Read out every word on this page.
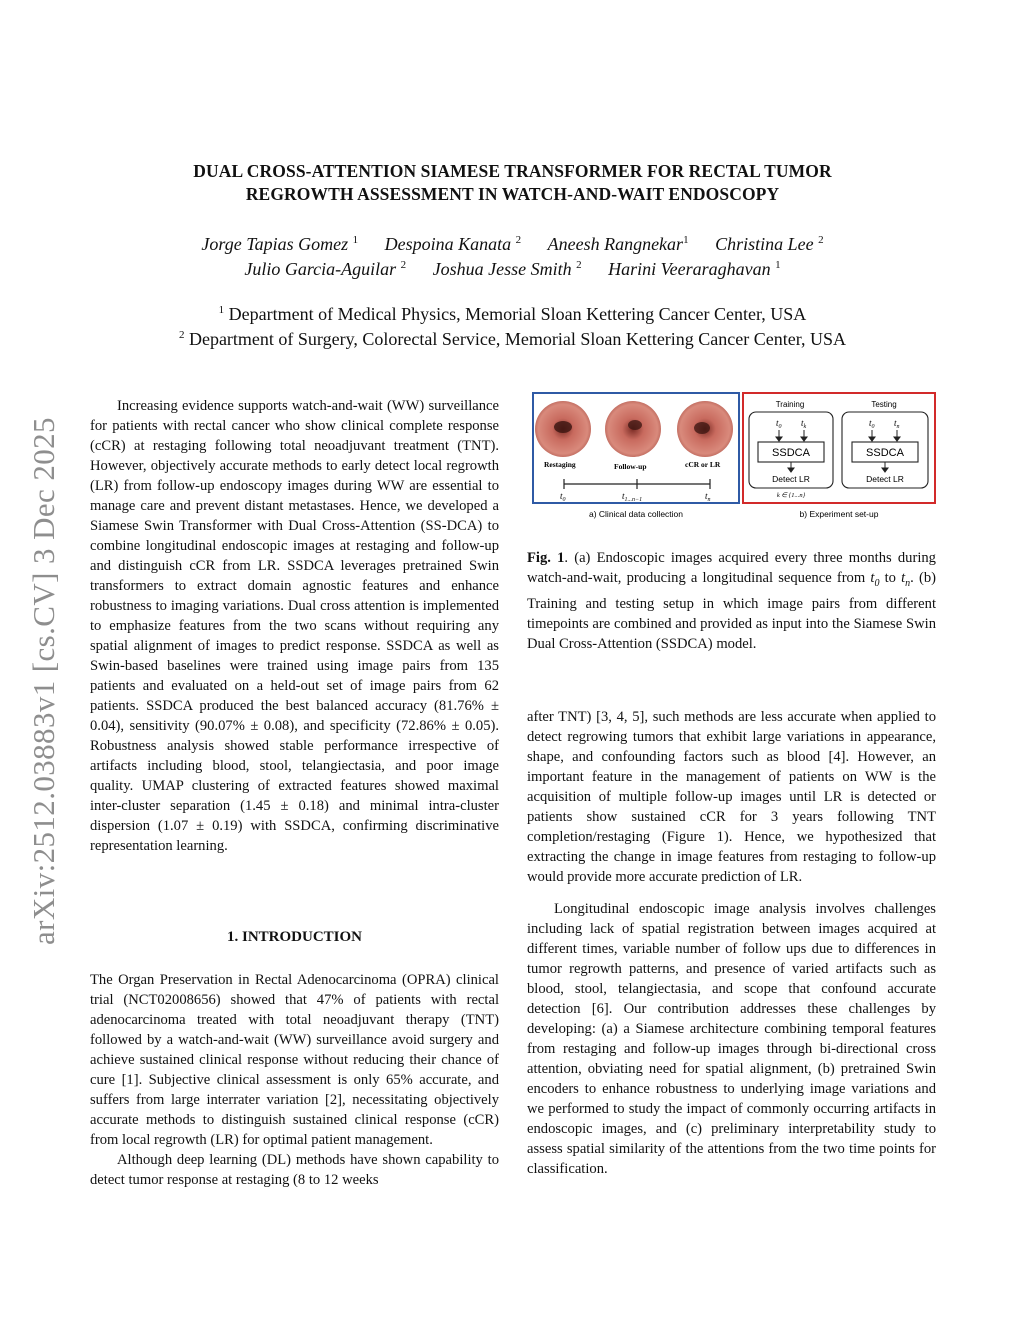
arXiv:2512.03883v1 [cs.CV] 3 Dec 2025
DUAL CROSS-ATTENTION SIAMESE TRANSFORMER FOR RECTAL TUMOR
REGROWTH ASSESSMENT IN WATCH-AND-WAIT ENDOSCOPY
Jorge Tapias Gomez $^1$ Despoina Kanata $^2$ Aneesh Rangnekar$^1$ Christina Lee $^2$
Julio Garcia-Aguilar $^2$ Joshua Jesse Smith $^2$ Harini Veeraraghavan $^1$
$^1$ Department of Medical Physics, Memorial Sloan Kettering Cancer Center, USA
$^2$ Department of Surgery, Colorectal Service, Memorial Sloan Kettering Cancer Center, USA

Increasing evidence supports watch-and-wait (WW) surveillance for patients with rectal cancer who show clinical complete response (cCR) at restaging following total neoadjuvant treatment (TNT). However, objectively accurate methods to early detect local regrowth (LR) from follow-up endoscopy images during WW are essential to manage care and prevent distant metastases. Hence, we developed a Siamese Swin Transformer with Dual Cross-Attention (SS-DCA) to combine longitudinal endoscopic images at restaging and follow-up and distinguish cCR from LR. SSDCA leverages pretrained Swin transformers to extract domain agnostic features and enhance robustness to imaging variations. Dual cross attention is implemented to emphasize features from the two scans without requiring any spatial alignment of images to predict response. SSDCA as well as Swin-based baselines were trained using image pairs from 135 patients and evaluated on a held-out set of image pairs from 62 patients. SSDCA produced the best balanced accuracy (81.76% ± 0.04), sensitivity (90.07% ± 0.08), and specificity (72.86% ± 0.05). Robustness analysis showed stable performance irrespective of artifacts including blood, stool, telangiectasia, and poor image quality. UMAP clustering of extracted features showed maximal inter-cluster separation (1.45 ± 0.18) and minimal intra-cluster dispersion (1.07 ± 0.19) with SSDCA, confirming discriminative representation learning.

1. INTRODUCTION

The Organ Preservation in Rectal Adenocarcinoma (OPRA) clinical trial (NCT02008656) showed that 47% of patients with rectal adenocarcinoma treated with total neoadjuvant therapy (TNT) followed by a watch-and-wait (WW) surveillance avoid surgery and achieve sustained clinical response without reducing their chance of cure [1]. Subjective clinical assessment is only 65% accurate, and suffers from large interrater variation [2], necessitating objectively accurate methods to distinguish sustained clinical response (cCR) from local regrowth (LR) for optimal patient management.

Although deep learning (DL) methods have shown capability to detect tumor response at restaging (8 to 12 weeks

Restaging	Follow-up	cCR or LR
$t_0$	$t_{1...n-1}$	$t_n$
a) Clinical data collection
Training	Testing
$t_0$ $t_k$	$t_0$ $t_n$
SSDCA	SSDCA
Detect LR	Detect LR
k ∈ {1...n}
b) Experiment set-up
Fig. 1. (a) Endoscopic images acquired every three months during watch-and-wait, producing a longitudinal sequence from $t_0$ to $t_n$. (b) Training and testing setup in which image pairs from different timepoints are combined and provided as input into the Siamese Swin Dual Cross-Attention (SSDCA) model.

after TNT) [3, 4, 5], such methods are less accurate when applied to detect regrowing tumors that exhibit large variations in appearance, shape, and confounding factors such as blood [4]. However, an important feature in the management of patients on WW is the acquisition of multiple follow-up images until LR is detected or patients show sustained cCR for 3 years following TNT completion/restaging (Figure 1). Hence, we hypothesized that extracting the change in image features from restaging to follow-up would provide more accurate prediction of LR.

Longitudinal endoscopic image analysis involves challenges including lack of spatial registration between images acquired at different times, variable number of follow ups due to differences in tumor regrowth patterns, and presence of varied artifacts such as blood, stool, telangiectasia, and scope that confound accurate detection [6]. Our contribution addresses these challenges by developing: (a) a Siamese architecture combining temporal features from restaging and follow-up images through bi-directional cross attention, obviating need for spatial alignment, (b) pretrained Swin encoders to enhance robustness to underlying image variations and we performed to study the impact of commonly occurring artifacts in endoscopic images, and (c) preliminary interpretability study to assess spatial similarity of the attentions from the two time points for classification.
